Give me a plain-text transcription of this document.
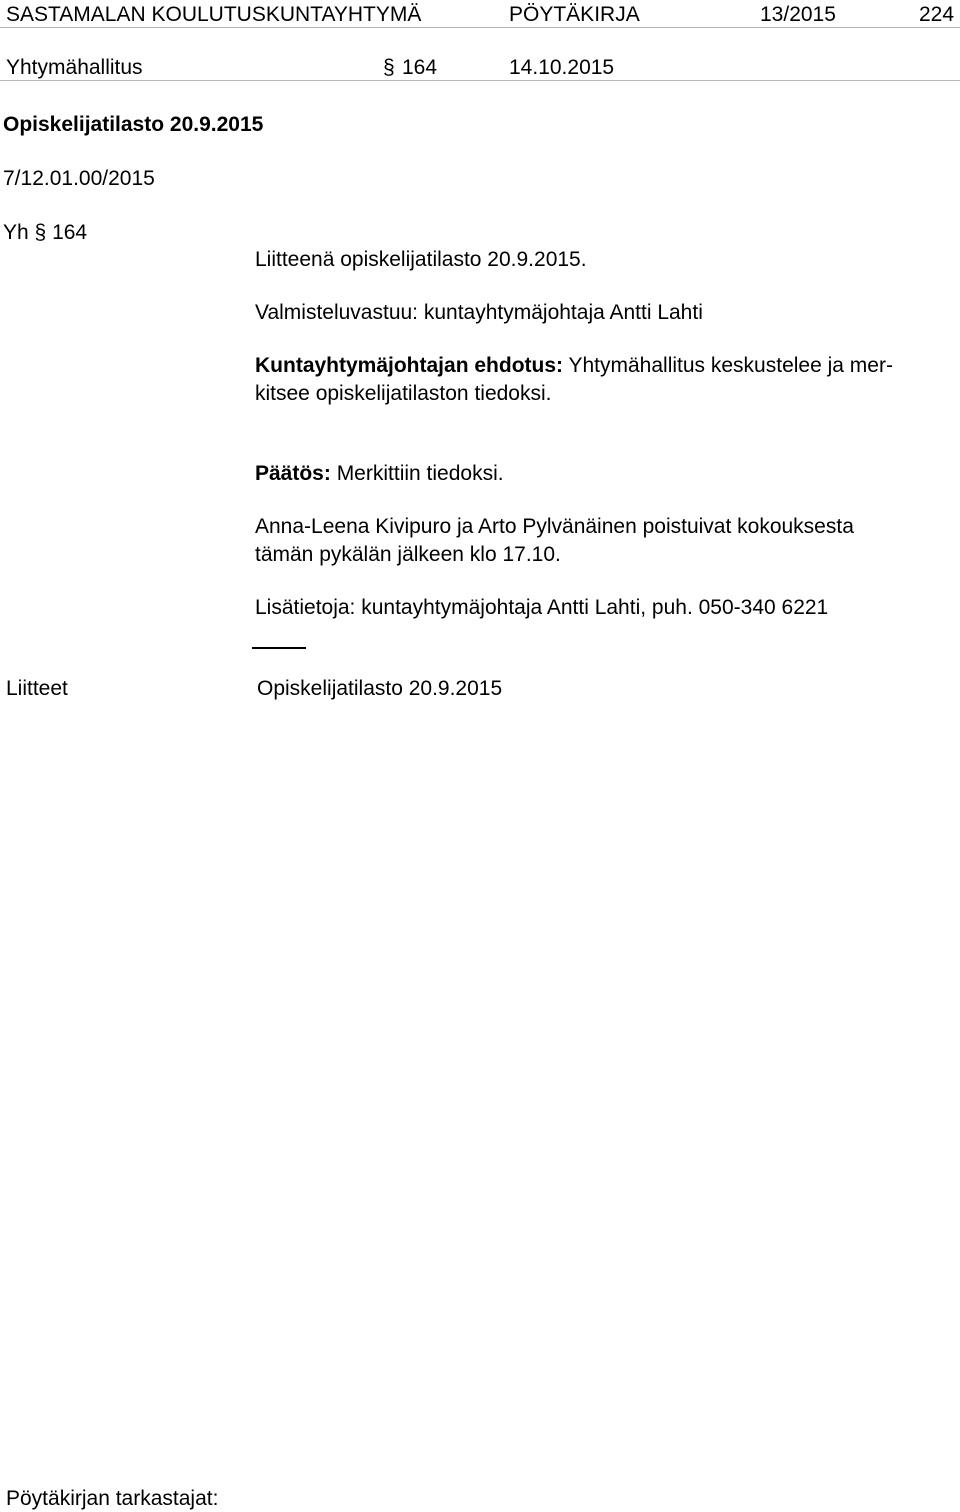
SASTAMALAN KOULUTUSKUNTAYHTYMÄ	PÖYTÄKIRJA	13/2015	224
Yhtymähallitus	§ 164	14.10.2015
Opiskelijatilasto 20.9.2015
7/12.01.00/2015
Yh § 164
Liitteenä opiskelijatilasto 20.9.2015.
Valmisteluvastuu: kuntayhtymäjohtaja Antti Lahti
Kuntayhtymäjohtajan ehdotus: Yhtymähallitus keskustelee ja mer-
kitsee opiskelijatilaston tiedoksi.
Päätös: Merkittiin tiedoksi.
Anna-Leena Kivipuro ja Arto Pylvänäinen poistuivat kokouksesta
tämän pykälän jälkeen klo 17.10.
Lisätietoja: kuntayhtymäjohtaja Antti Lahti, puh. 050-340 6221
Liitteet	Opiskelijatilasto 20.9.2015
Pöytäkirjan tarkastajat:
